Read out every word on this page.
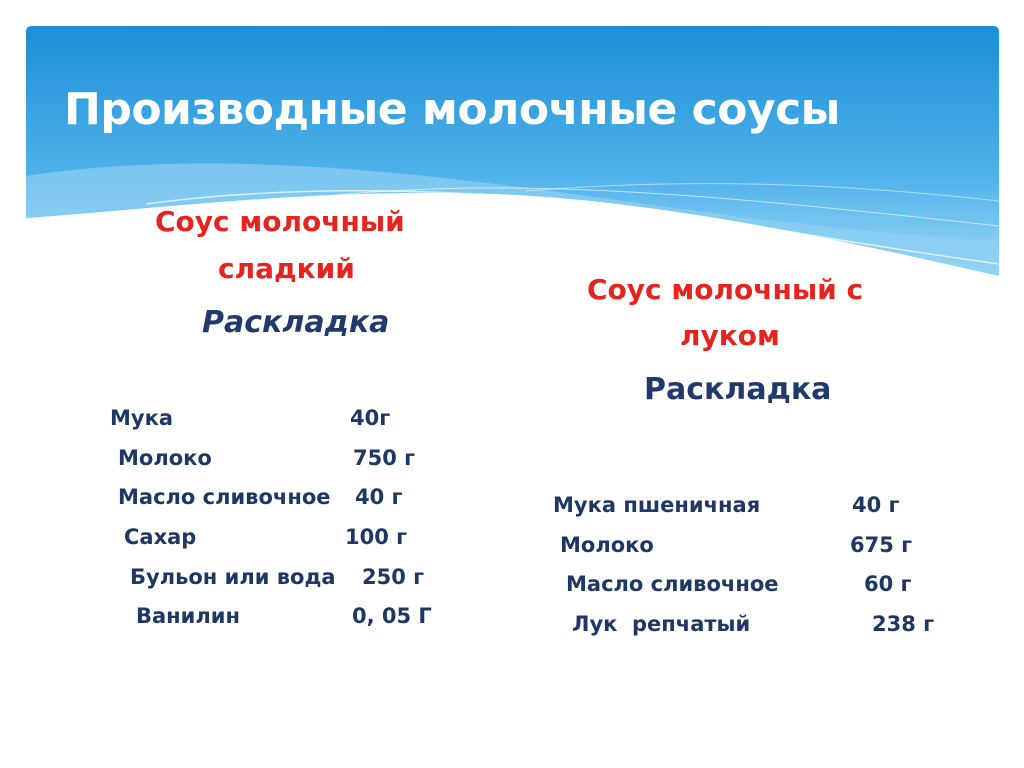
Производные молочные соусы
Соус молочный
сладкий
Раскладка
Мука	40г
Молоко	750 г
Масло сливочное 40 г
Сахар	100 г
Бульон или вода 250 г
Ванилин	0, 05 Г
Соус молочный с
луком
Раскладка
Мука пшеничная	40 г
Молоко	675 г
Масло сливочное	60 г
Лук  репчатый	238 г
